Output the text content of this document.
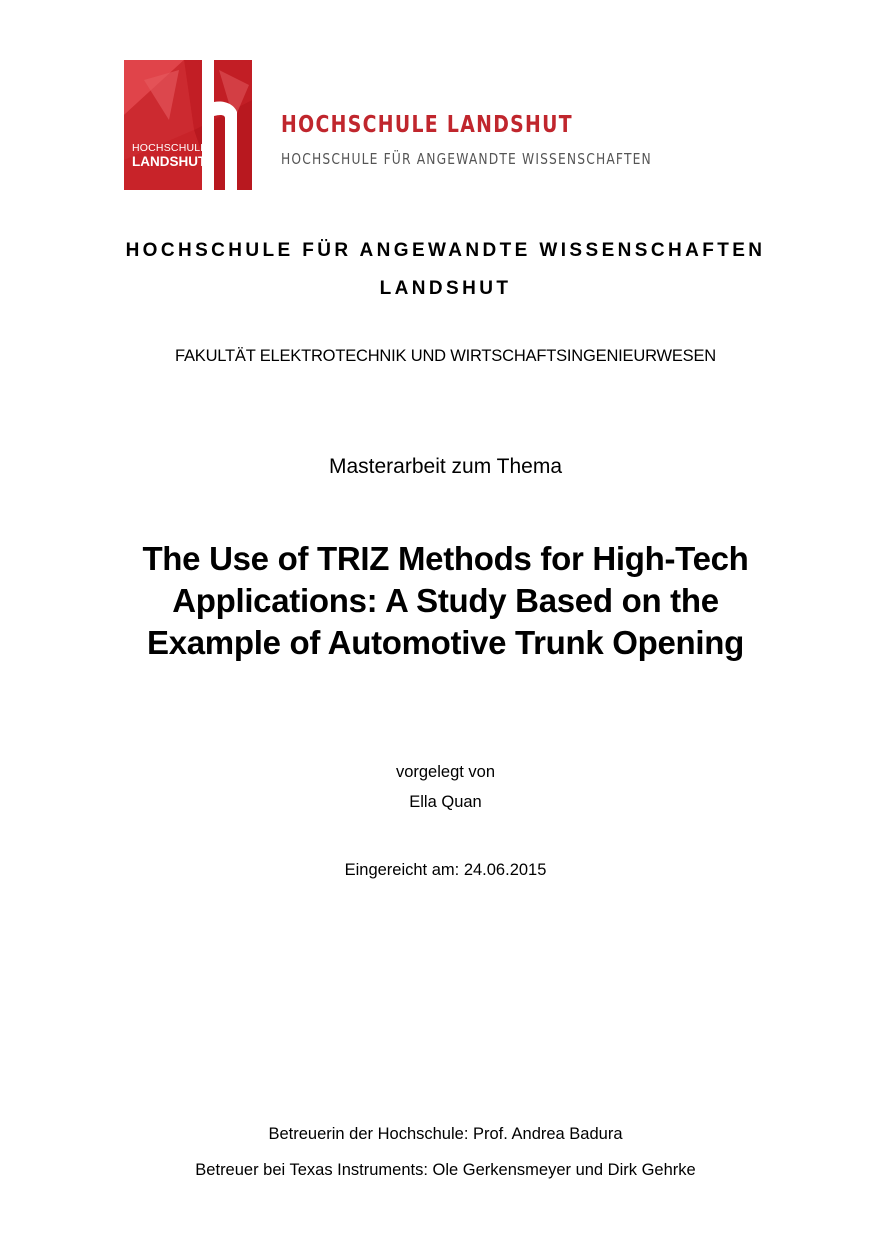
HOCHSCHULE
LANDSHUT
HOCHSCHULE LANDSHUT
HOCHSCHULE FÜR ANGEWANDTE WISSENSCHAFTEN
HOCHSCHULE FÜR ANGEWANDTE WISSENSCHAFTEN
LANDSHUT
FAKULTÄT ELEKTROTECHNIK UND WIRTSCHAFTSINGENIEURWESEN
Masterarbeit zum Thema
The Use of TRIZ Methods for High-Tech
Applications: A Study Based on the
Example of Automotive Trunk Opening
vorgelegt von
Ella Quan
Eingereicht am: 24.06.2015
Betreuerin der Hochschule: Prof. Andrea Badura
Betreuer bei Texas Instruments: Ole Gerkensmeyer und Dirk Gehrke
